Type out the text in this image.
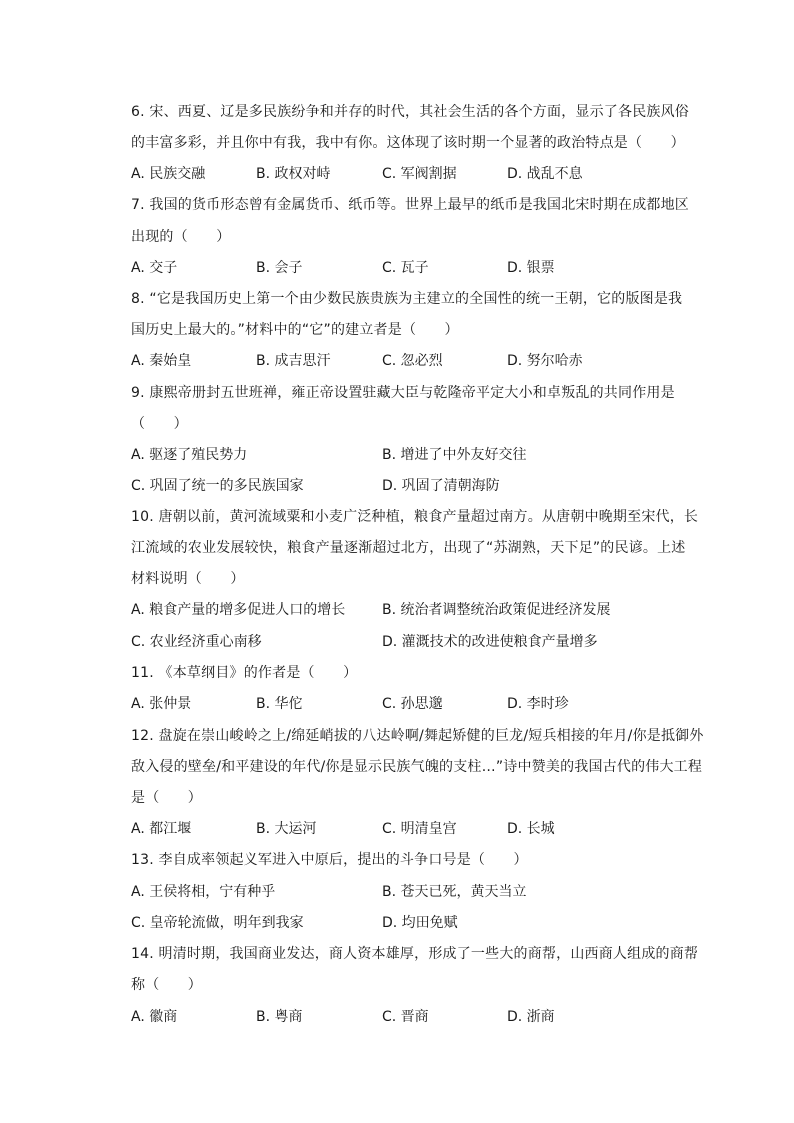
6. 宋、西夏、辽是多民族纷争和并存的时代，其社会生活的各个方面，显示了各民族风俗
的丰富多彩，并且你中有我，我中有你。这体现了该时期一个显著的政治特点是（　　）
A. 民族交融	B. 政权对峙	C. 军阀割据	D. 战乱不息
7. 我国的货币形态曾有金属货币、纸币等。世界上最早的纸币是我国北宋时期在成都地区
出现的（　　）
A. 交子	B. 会子	C. 瓦子	D. 银票
8. “它是我国历史上第一个由少数民族贵族为主建立的全国性的统一王朝，它的版图是我
国历史上最大的。”材料中的“它”的建立者是（　　）
A. 秦始皇	B. 成吉思汗	C. 忽必烈	D. 努尔哈赤
9. 康熙帝册封五世班禅，雍正帝设置驻藏大臣与乾隆帝平定大小和卓叛乱的共同作用是
（　　）
A. 驱逐了殖民势力	B. 增进了中外友好交往
C. 巩固了统一的多民族国家	D. 巩固了清朝海防
10. 唐朝以前，黄河流域粟和小麦广泛种植，粮食产量超过南方。从唐朝中晚期至宋代，长
江流域的农业发展较快，粮食产量逐渐超过北方，出现了“苏湖熟，天下足”的民谚。上述
材料说明（　　）
A. 粮食产量的增多促进人口的增长	B. 统治者调整统治政策促进经济发展
C. 农业经济重心南移	D. 灌溉技术的改进使粮食产量增多
11. 《本草纲目》的作者是（　　）
A. 张仲景	B. 华佗	C. 孙思邈	D. 李时珍
12. 盘旋在崇山峻岭之上/绵延峭拔的八达岭啊/舞起矫健的巨龙/短兵相接的年月/你是抵御外
敌入侵的壁垒/和平建设的年代/你是显示民族气魄的支柱…”诗中赞美的我国古代的伟大工程
是（　　）
A. 都江堰	B. 大运河	C. 明清皇宫	D. 长城
13. 李自成率领起义军进入中原后，提出的斗争口号是（　　）
A. 王侯将相，宁有种乎	B. 苍天已死，黄天当立
C. 皇帝轮流做，明年到我家	D. 均田免赋
14. 明清时期，我国商业发达，商人资本雄厚，形成了一些大的商帮，山西商人组成的商帮
称（　　）
A. 徽商	B. 粤商	C. 晋商	D. 浙商
